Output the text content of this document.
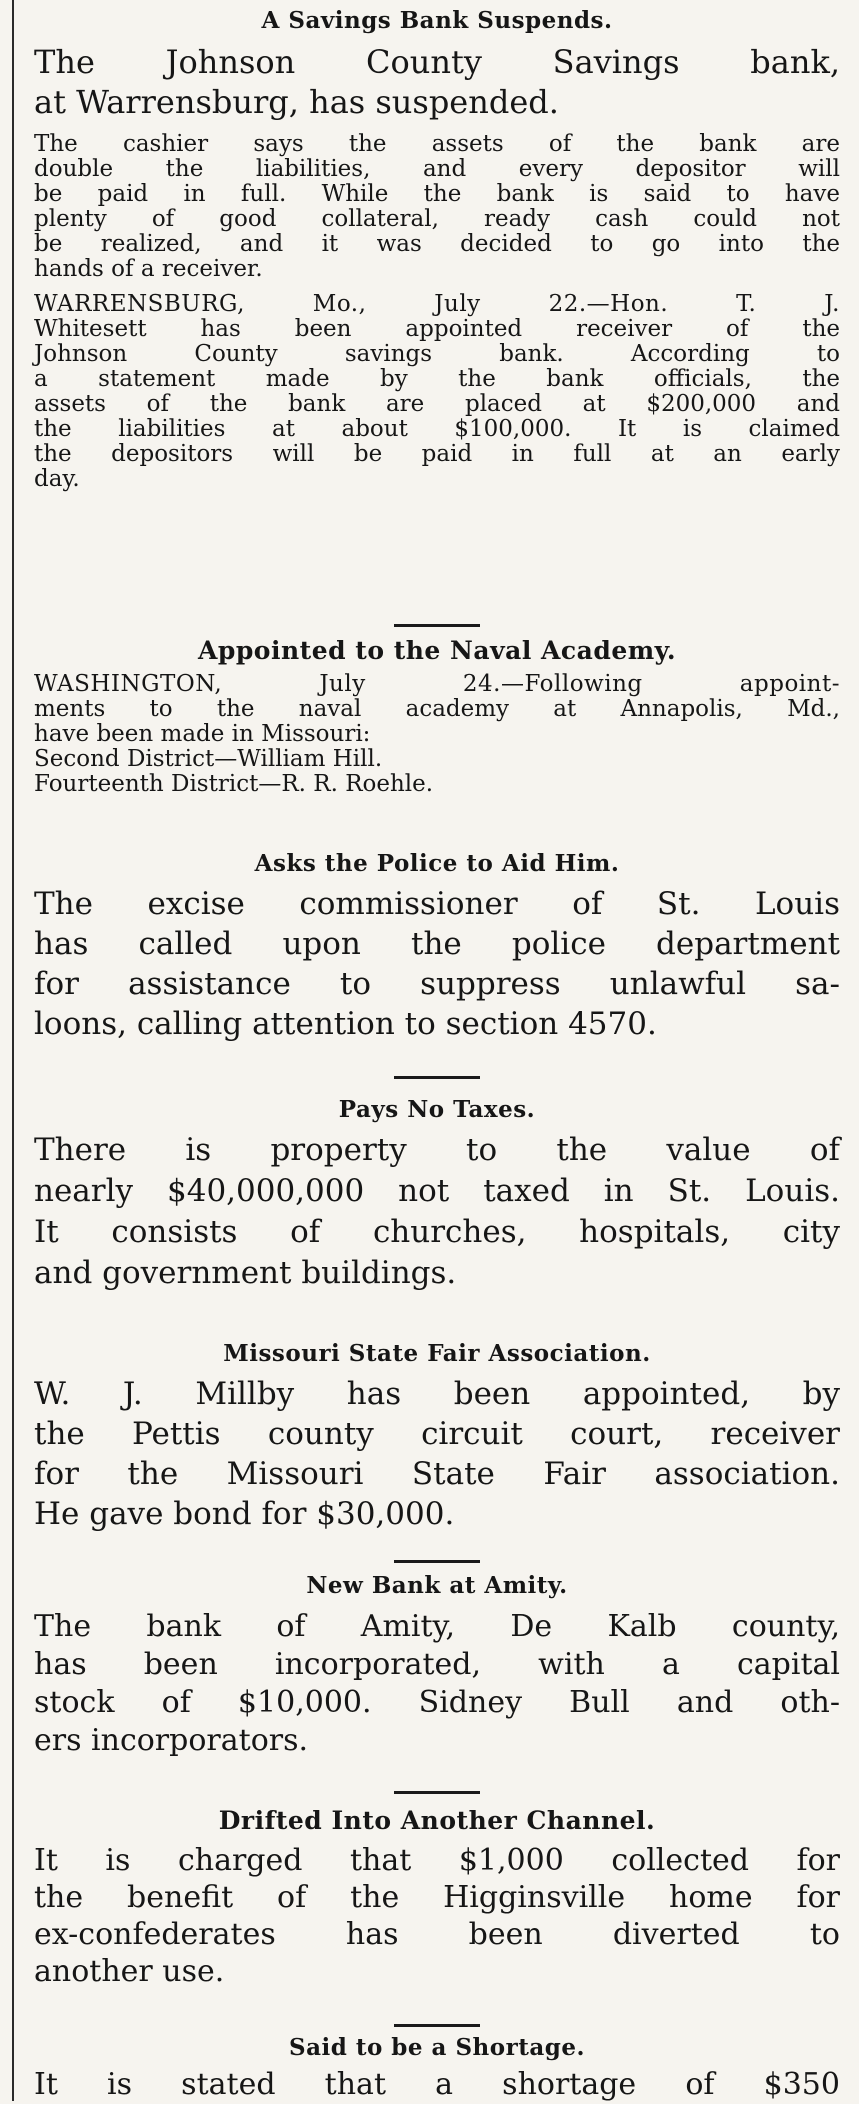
A Savings Bank Suspends.
The Johnson County Savings bank,
at Warrensburg, has suspended.
The cashier says the assets of the bank are
double the liabilities, and every depositor will
be paid in full. While the bank is said to have
plenty of good collateral, ready cash could not
be realized, and it was decided to go into the
hands of a receiver.
WARRENSBURG, Mo., July 22.—Hon. T. J.
Whitesett has been appointed receiver of the
Johnson County savings bank. According to
a statement made by the bank officials, the
assets of the bank are placed at $200,000 and
the liabilities at about $100,000. It is claimed
the depositors will be paid in full at an early
day.
Appointed to the Naval Academy.
WASHINGTON, July 24.—Following appoint-
ments to the naval academy at Annapolis, Md.,
have been made in Missouri:
Second District—William Hill.
Fourteenth District—R. R. Roehle.
Asks the Police to Aid Him.
The excise commissioner of St. Louis
has called upon the police department
for assistance to suppress unlawful sa-
loons, calling attention to section 4570.
Pays No Taxes.
There is property to the value of
nearly $40,000,000 not taxed in St. Louis.
It consists of churches, hospitals, city
and government buildings.
Missouri State Fair Association.
W. J. Millby has been appointed, by
the Pettis county circuit court, receiver
for the Missouri State Fair association.
He gave bond for $30,000.
New Bank at Amity.
The bank of Amity, De Kalb county,
has been incorporated, with a capital
stock of $10,000. Sidney Bull and oth-
ers incorporators.
Drifted Into Another Channel.
It is charged that $1,000 collected for
the benefit of the Higginsville home for
ex-confederates has been diverted to
another use.
Said to be a Shortage.
It is stated that a shortage of $350
